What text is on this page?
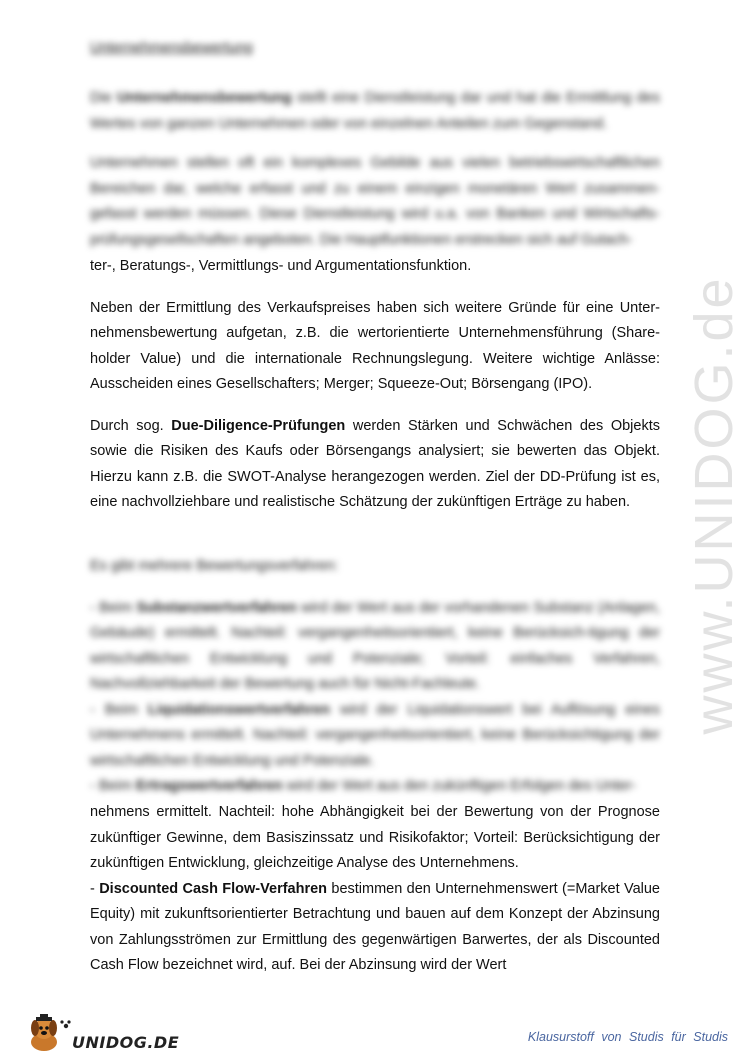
Unternehmensbewertung

Die Unternehmensbewertung stellt eine Dienstleistung dar und hat die Ermittlung des Wertes von ganzen Unternehmen oder von einzelnen Anteilen zum Gegenstand.

Unternehmen stellen oft ein komplexes Gebilde aus vielen betriebswirtschaftlichen Bereichen dar, welche erfasst und zu einem einzigen monetären Wert zusammen-gefasst werden müssen. Diese Dienstleistung wird u.a. von Banken und Wirtschafts-prüfungsgesellschaften angeboten. Die Hauptfunktionen erstrecken sich auf Gutach-

ter-, Beratungs-, Vermittlungs- und Argumentationsfunktion.

Neben der Ermittlung des Verkaufspreises haben sich weitere Gründe für eine Unter-nehmensbewertung aufgetan, z.B. die wertorientierte Unternehmensführung (Share-holder Value) und die internationale Rechnungslegung. Weitere wichtige Anlässe: Ausscheiden eines Gesellschafters; Merger; Squeeze-Out; Börsengang (IPO).

Durch sog. Due-Diligence-Prüfungen werden Stärken und Schwächen des Objekts sowie die Risiken des Kaufs oder Börsengangs analysiert; sie bewerten das Objekt. Hierzu kann z.B. die SWOT-Analyse herangezogen werden. Ziel der DD-Prüfung ist es, eine nachvollziehbare und realistische Schätzung der zukünftigen Erträge zu haben.

Es gibt mehrere Bewertungsverfahren:

- Beim Substanzwertverfahren wird der Wert aus der vorhandenen Substanz (Anlagen, Gebäude) ermittelt. Nachteil: vergangenheitsorientiert, keine Berücksich-tigung der wirtschaftlichen Entwicklung und Potenziale; Vorteil: einfaches Verfahren, Nachvollziehbarkeit der Bewertung auch für Nicht-Fachleute.

- Beim Liquidationswertverfahren wird der Liquidationswert bei Auflösung eines Unternehmens ermittelt. Nachteil: vergangenheitsorientiert, keine Berücksichtigung der wirtschaftlichen Entwicklung und Potenziale.

- Beim Ertragswertverfahren wird der Wert aus den zukünftigen Erfolgen des Unter-

nehmens ermittelt. Nachteil: hohe Abhängigkeit bei der Bewertung von der Prognose zukünftiger Gewinne, dem Basiszinssatz und Risikofaktor; Vorteil: Berücksichtigung der zukünftigen Entwicklung, gleichzeitige Analyse des Unternehmens.

- Discounted Cash Flow-Verfahren bestimmen den Unternehmenswert (=Market Value Equity) mit zukunftsorientierter Betrachtung und bauen auf dem Konzept der Abzinsung von Zahlungsströmen zur Ermittlung des gegenwärtigen Barwertes, der als Discounted Cash Flow bezeichnet wird, auf. Bei der Abzinsung wird der Wert

www.UNIDOG.de
UNIDOG.DE	Klausurstoff von Studis für Studis
